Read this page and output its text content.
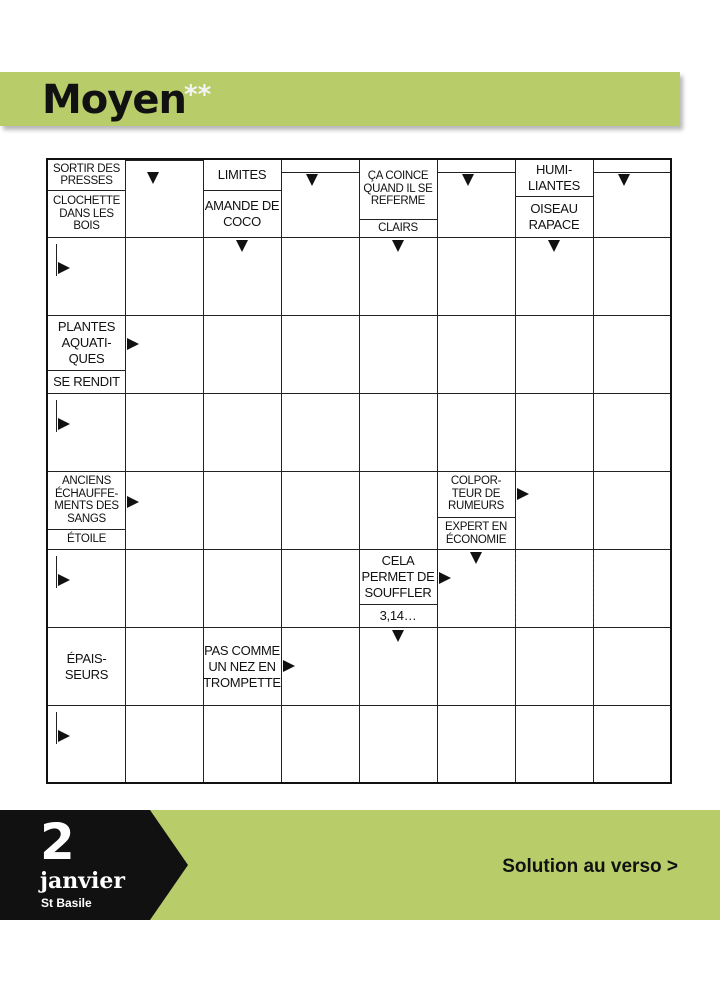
Moyen
**
SORTIR DES PRESSES
CLOCHETTE DANS LES BOIS
LIMITES
AMANDE DE COCO
ÇA COINCE QUAND IL SE REFERME
CLAIRS
HUMI-LIANTES
OISEAU RAPACE
PLANTES AQUATI-QUES
SE RENDIT
ANCIENS ÉCHAUFFE-MENTS DES SANGS
ÉTOILE
COLPOR-TEUR DE RUMEURS
EXPERT EN ÉCONOMIE
CELA PERMET DE SOUFFLER
3,14…
ÉPAIS-SEURS
PAS COMME UN NEZ EN TROMPETTE
2
janvier
St Basile
Solution au verso >
